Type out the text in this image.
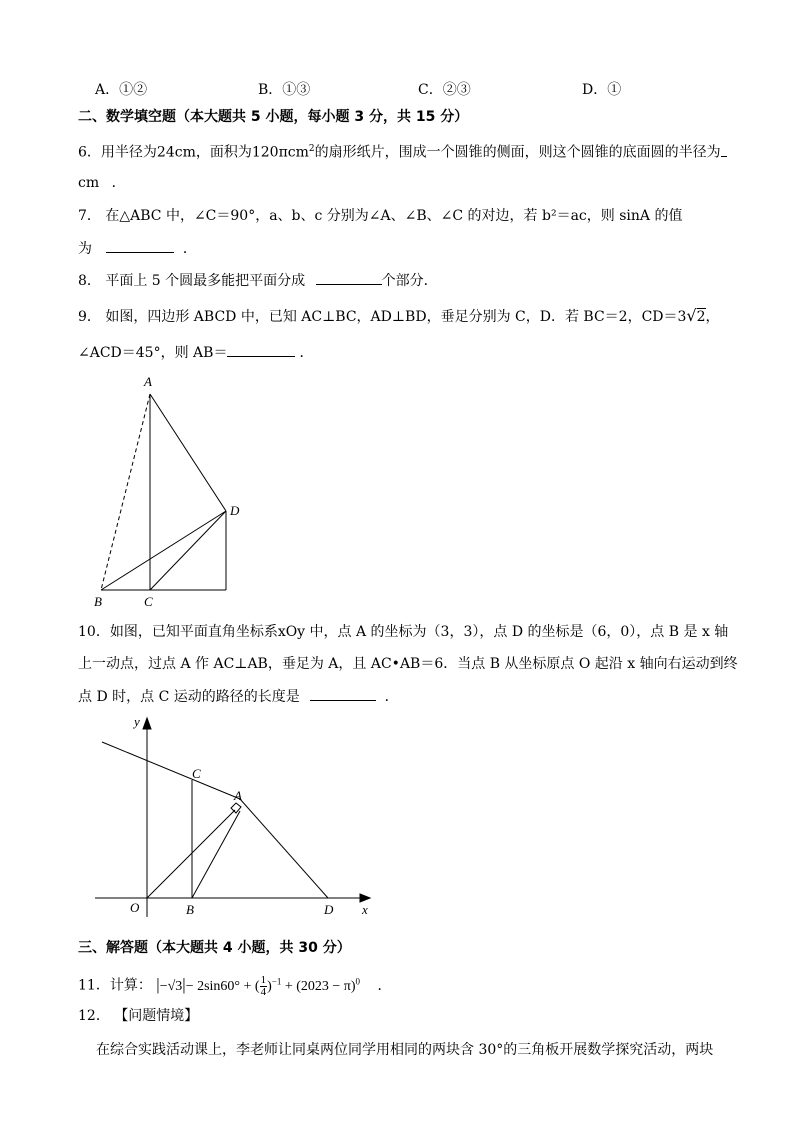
A．①②	B．①③	C．②③	D．①
二、数学填空题（本大题共 5 小题，每小题 3 分，共 15 分）
6．用半径为24cm，面积为120πcm$^2$的扇形纸片，围成一个圆锥的侧面，则这个圆锥的底面圆的半径为
cm ．
7． 在△ABC 中，∠C＝90°，a、b、c 分别为∠A、∠B、∠C 的对边，若 b²＝ac，则 sinA 的值
为	．
8． 平面上 5 个圆最多能把平面分成	个部分．
9． 如图，四边形 ABCD 中，已知 AC⊥BC，AD⊥BD，垂足分别为 C，D．若 BC＝2，CD＝3√2，
∠ACD＝45°，则 AB＝	．
A
D
B	C
10．如图，已知平面直角坐标系xOy 中，点 A 的坐标为（3，3），点 D 的坐标是（6，0），点 B 是 x 轴
上一动点，过点 A 作 AC⊥AB，垂足为 A，且 AC•AB＝6．当点 B 从坐标原点 O 起沿 x 轴向右运动到终
点 D 时，点 C 运动的路径的长度是	．
y
x
O	B
C
A
D
三、解答题（本大题共 4 小题，共 30 分）
11．计算： |−√3|− 2sin60° + ( $\frac{1}{4} )^{-1} + (2023 - \pi)^0$ ．
12． 【问题情境】
在综合实践活动课上，李老师让同桌两位同学用相同的两块含 30°的三角板开展数学探究活动，两块
